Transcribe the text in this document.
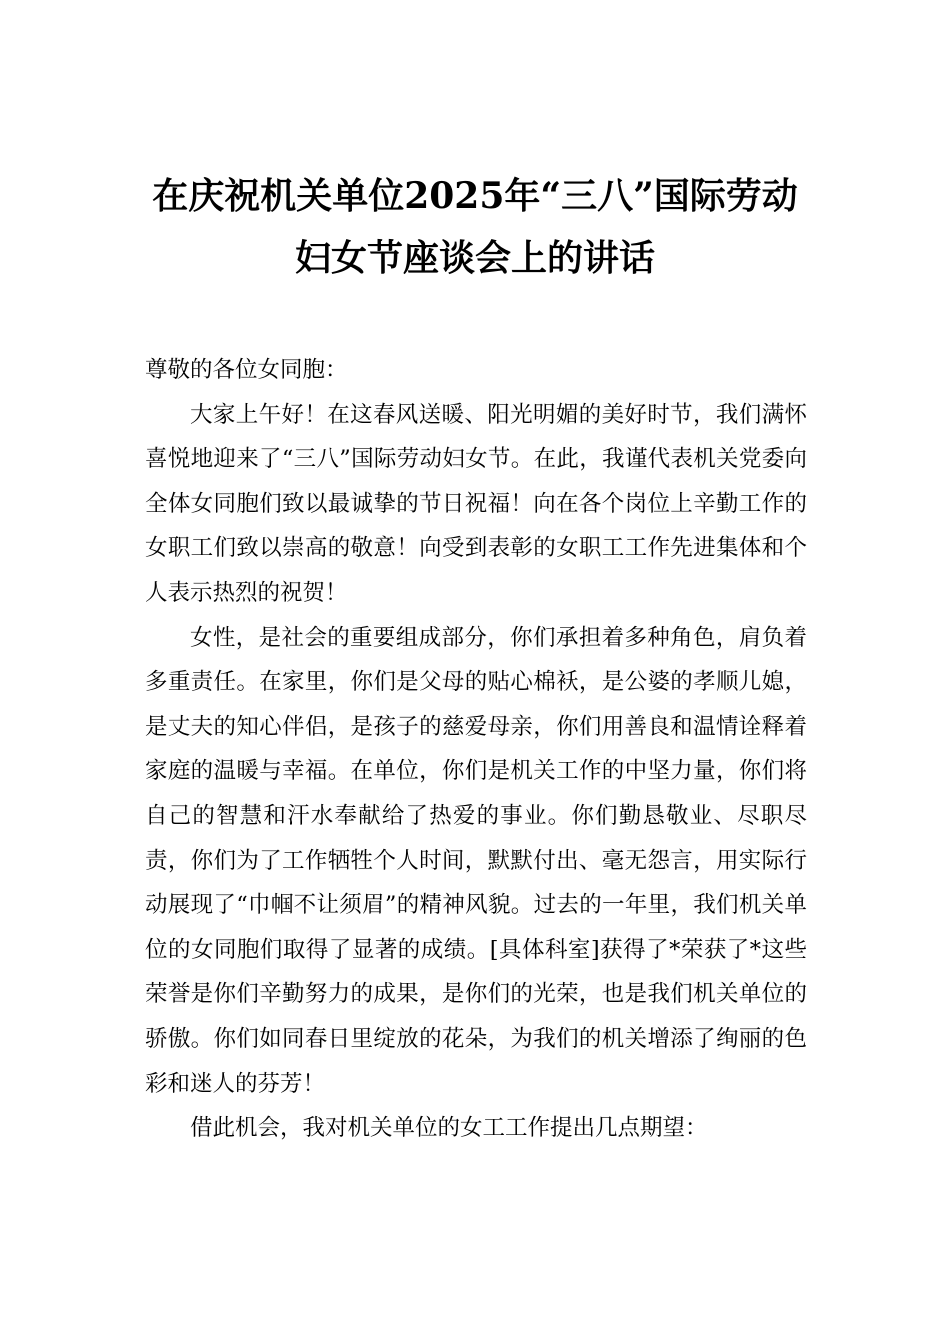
在庆祝机关单位2025年“三八”国际劳动
妇女节座谈会上的讲话

尊敬的各位女同胞：

大家上午好！在这春风送暖、阳光明媚的美好时节，我们满怀喜悦地迎来了“三八”国际劳动妇女节。在此，我谨代表机关党委向全体女同胞们致以最诚挚的节日祝福！向在各个岗位上辛勤工作的女职工们致以崇高的敬意！向受到表彰的女职工工作先进集体和个人表示热烈的祝贺！

女性，是社会的重要组成部分，你们承担着多种角色，肩负着多重责任。在家里，你们是父母的贴心棉袄，是公婆的孝顺儿媳，是丈夫的知心伴侣，是孩子的慈爱母亲，你们用善良和温情诠释着家庭的温暖与幸福。在单位，你们是机关工作的中坚力量，你们将自己的智慧和汗水奉献给了热爱的事业。你们勤恳敬业、尽职尽责，你们为了工作牺牲个人时间，默默付出、毫无怨言，用实际行动展现了“巾帼不让须眉”的精神风貌。过去的一年里，我们机关单位的女同胞们取得了显著的成绩。[具体科室]获得了*荣获了*这些荣誉是你们辛勤努力的成果，是你们的光荣，也是我们机关单位的骄傲。你们如同春日里绽放的花朵，为我们的机关增添了绚丽的色彩和迷人的芬芳！

借此机会，我对机关单位的女工工作提出几点期望：
